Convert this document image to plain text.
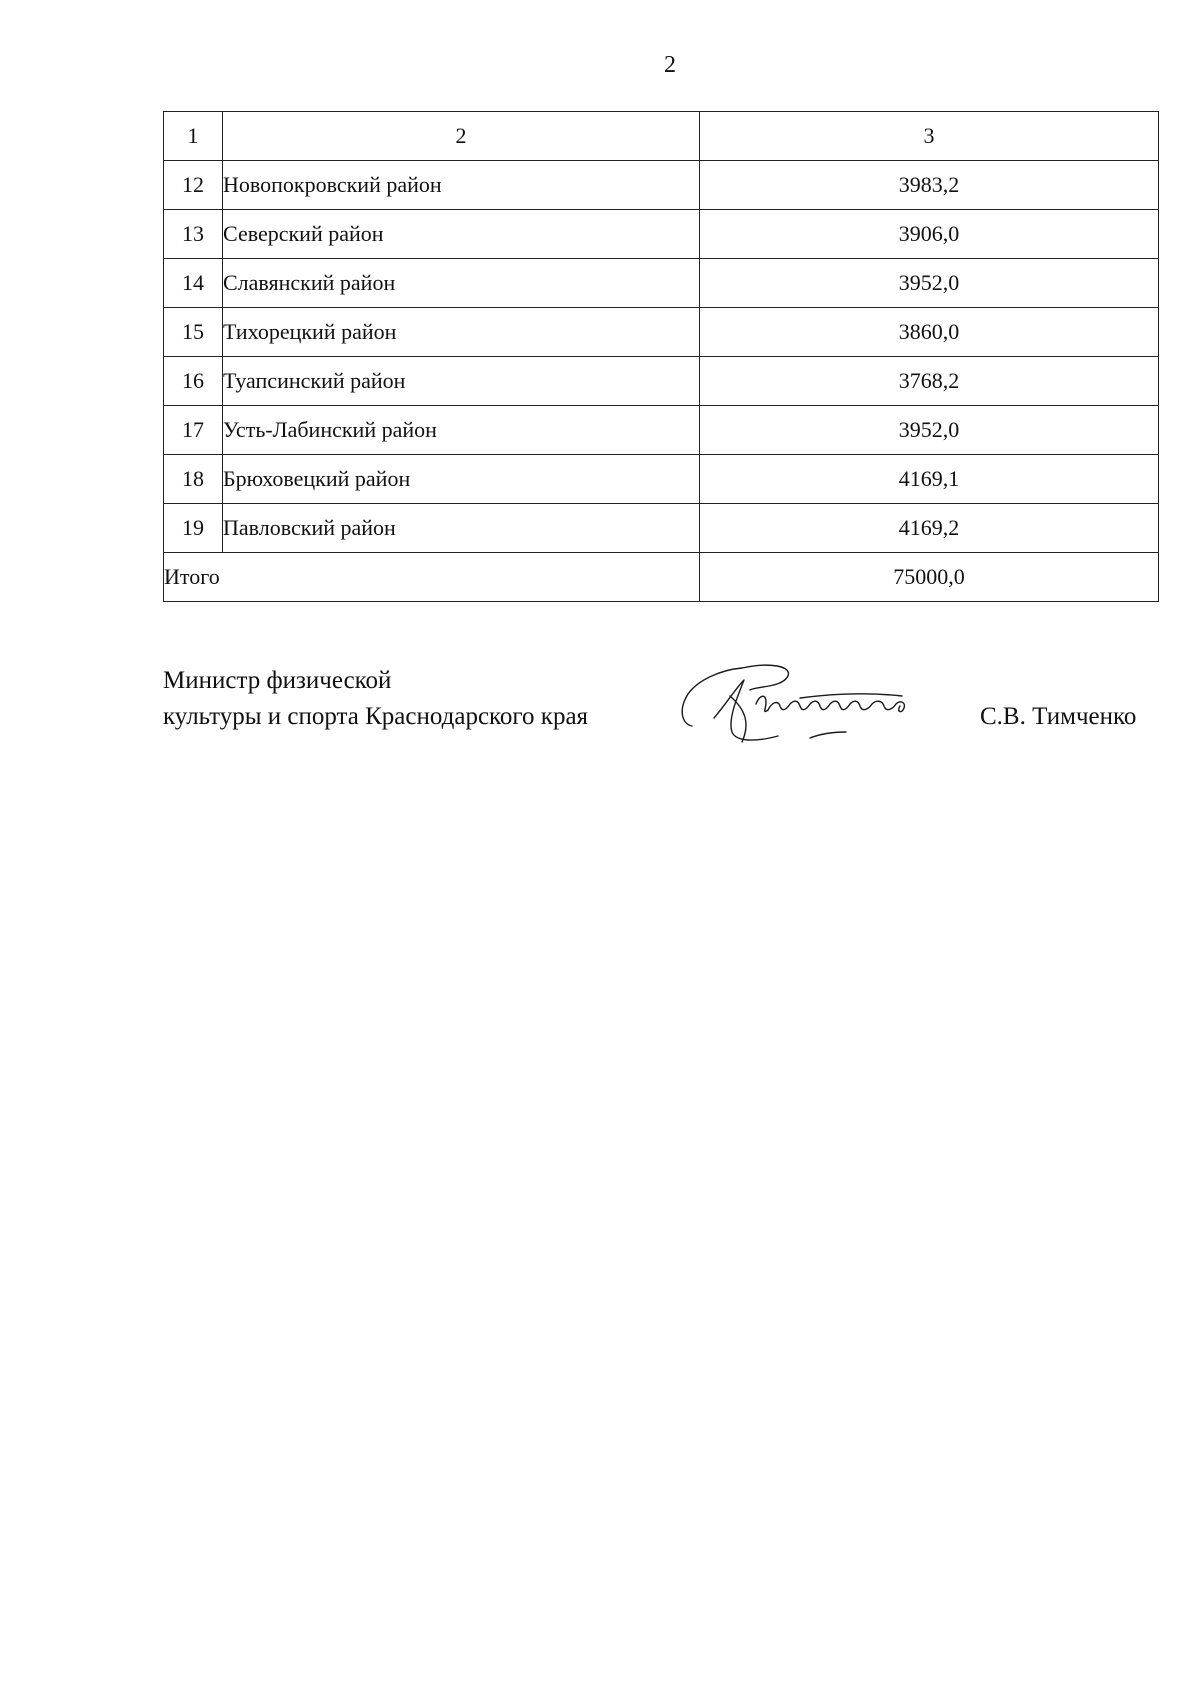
2
1	2	3
12	Новопокровский район	3983,2
13	Северский район	3906,0
14	Славянский район	3952,0
15	Тихорецкий район	3860,0
16	Туапсинский район	3768,2
17	Усть-Лабинский район	3952,0
18	Брюховецкий район	4169,1
19	Павловский район	4169,2
Итого		75000,0
Министр физической
культуры и спорта Краснодарского края	С.В. Тимченко
